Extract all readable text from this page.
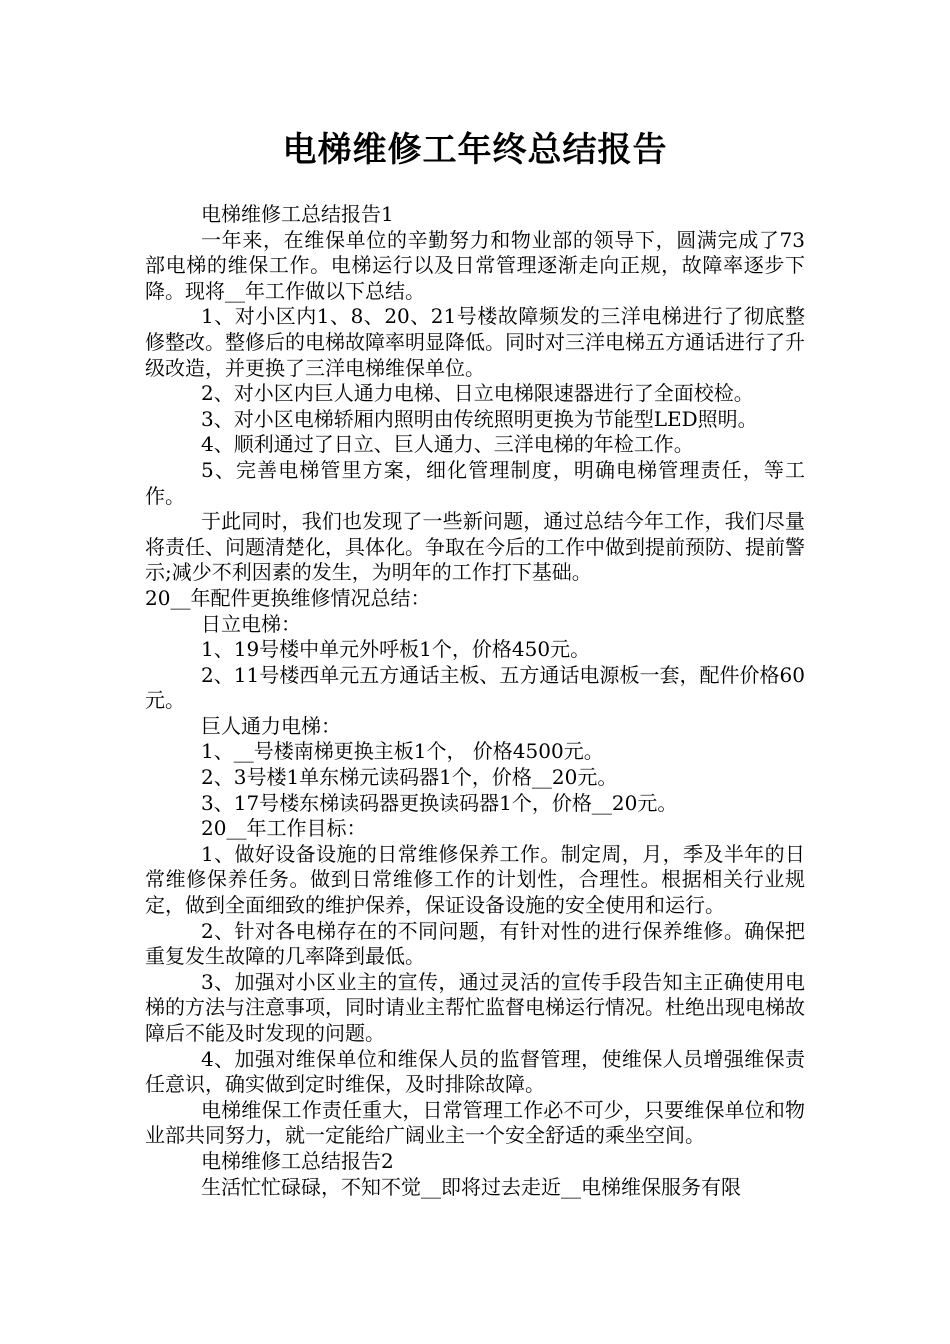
电梯维修工年终总结报告

电梯维修工总结报告1

一年来，在维保单位的辛勤努力和物业部的领导下，圆满完成了73部电梯的维保工作。电梯运行以及日常管理逐渐走向正规，故障率逐步下降。现将__年工作做以下总结。

1、对小区内1、8、20、21号楼故障频发的三洋电梯进行了彻底整修整改。整修后的电梯故障率明显降低。同时对三洋电梯五方通话进行了升级改造，并更换了三洋电梯维保单位。

2、对小区内巨人通力电梯、日立电梯限速器进行了全面校检。

3、对小区电梯轿厢内照明由传统照明更换为节能型LED照明。

4、顺利通过了日立、巨人通力、三洋电梯的年检工作。

5、完善电梯管里方案，细化管理制度，明确电梯管理责任，等工作。

于此同时，我们也发现了一些新问题，通过总结今年工作，我们尽量将责任、问题清楚化，具体化。争取在今后的工作中做到提前预防、提前警示;减少不利因素的发生，为明年的工作打下基础。

20__年配件更换维修情况总结：

日立电梯：

1、19号楼中单元外呼板1个，价格450元。

2、11号楼西单元五方通话主板、五方通话电源板一套，配件价格60元。

巨人通力电梯：

1、__号楼南梯更换主板1个， 价格4500元。

2、3号楼1单东梯元读码器1个，价格__20元。

3、17号楼东梯读码器更换读码器1个，价格__20元。

20__年工作目标：

1、做好设备设施的日常维修保养工作。制定周，月，季及半年的日常维修保养任务。做到日常维修工作的计划性，合理性。根据相关行业规定，做到全面细致的维护保养，保证设备设施的安全使用和运行。

2、针对各电梯存在的不同问题，有针对性的进行保养维修。确保把重复发生故障的几率降到最低。

3、加强对小区业主的宣传，通过灵活的宣传手段告知主正确使用电梯的方法与注意事项，同时请业主帮忙监督电梯运行情况。杜绝出现电梯故障后不能及时发现的问题。

4、加强对维保单位和维保人员的监督管理，使维保人员增强维保责任意识，确实做到定时维保，及时排除故障。

电梯维保工作责任重大，日常管理工作必不可少，只要维保单位和物业部共同努力，就一定能给广阔业主一个安全舒适的乘坐空间。

电梯维修工总结报告2

生活忙忙碌碌，不知不觉__即将过去走近__电梯维保服务有限
